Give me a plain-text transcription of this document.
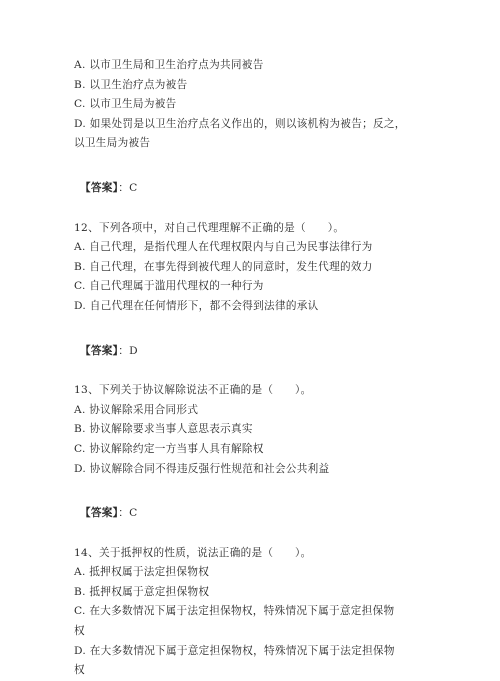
A. 以市卫生局和卫生治疗点为共同被告
B. 以卫生治疗点为被告
C. 以市卫生局为被告
D. 如果处罚是以卫生治疗点名义作出的，则以该机构为被告；反之，
以卫生局为被告
【答案】：C
12、下列各项中，对自己代理理解不正确的是（　　）。
A. 自己代理，是指代理人在代理权限内与自己为民事法律行为
B. 自己代理，在事先得到被代理人的同意时，发生代理的效力
C. 自己代理属于滥用代理权的一种行为
D. 自己代理在任何情形下，都不会得到法律的承认
【答案】：D
13、下列关于协议解除说法不正确的是（　　）。
A. 协议解除采用合同形式
B. 协议解除要求当事人意思表示真实
C. 协议解除约定一方当事人具有解除权
D. 协议解除合同不得违反强行性规范和社会公共利益
【答案】：C
14、关于抵押权的性质，说法正确的是（　　）。
A. 抵押权属于法定担保物权
B. 抵押权属于意定担保物权
C. 在大多数情况下属于法定担保物权，特殊情况下属于意定担保物
权
D. 在大多数情况下属于意定担保物权，特殊情况下属于法定担保物
权
